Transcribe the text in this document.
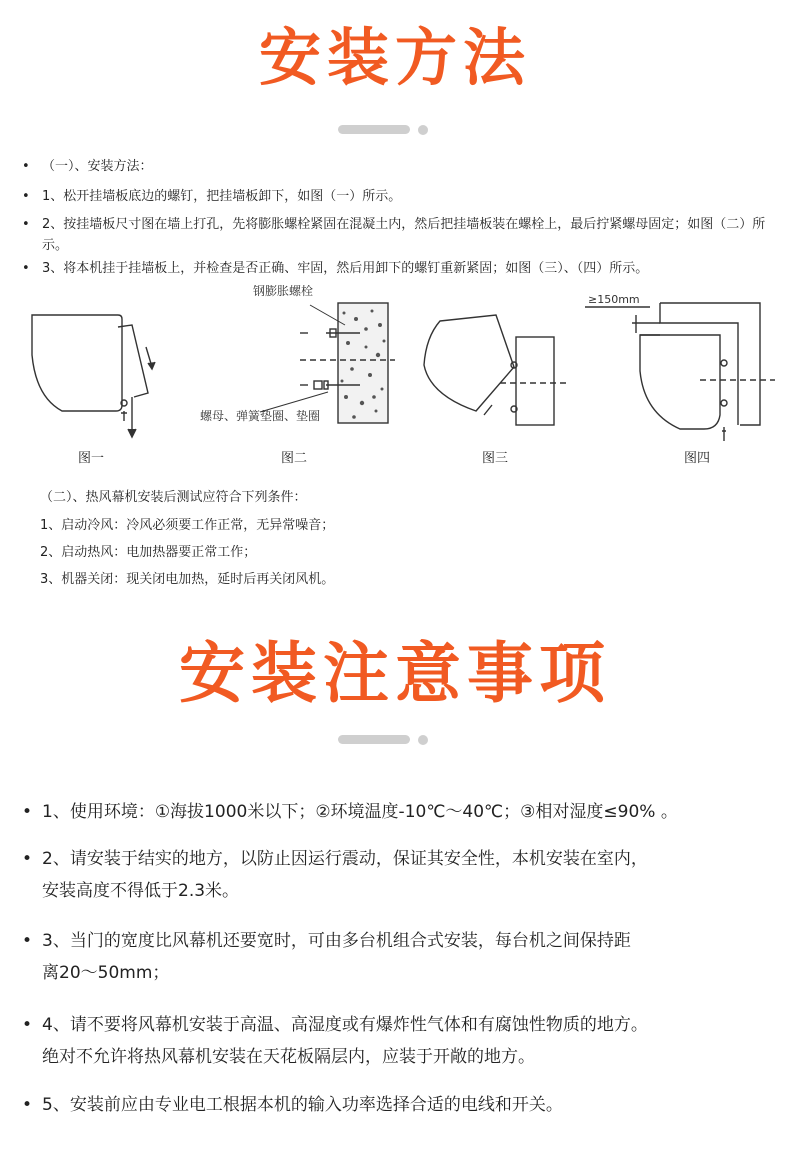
安装方法
• （一）、安装方法：
• 1、松开挂墙板底边的螺钉，把挂墙板卸下，如图（一）所示。
• 2、按挂墙板尺寸图在墙上打孔，先将膨胀螺栓紧固在混凝土内，然后把挂墙板装在螺栓上，最后拧紧螺母固定；如图（二）所示。
• 3、将本机挂于挂墙板上，并检查是否正确、牢固，然后用卸下的螺钉重新紧固；如图（三）、（四）所示。
钢膨胀螺栓
螺母、弹簧垫圈、垫圈
≥150mm
图一	图二	图三	图四
（二）、热风幕机安装后测试应符合下列条件：
1、启动冷风：冷风必须要工作正常，无异常噪音；
2、启动热风：电加热器要正常工作；
3、机器关闭：现关闭电加热，延时后再关闭风机。
安装注意事项
• 1、使用环境：①海拔1000米以下；②环境温度-10℃～40℃；③相对湿度≤90% 。
• 2、请安装于结实的地方，以防止因运行震动，保证其安全性，本机安装在室内，
安装高度不得低于2.3米。
• 3、当门的宽度比风幕机还要宽时，可由多台机组合式安装，每台机之间保持距
离20～50mm；
• 4、请不要将风幕机安装于高温、高湿度或有爆炸性气体和有腐蚀性物质的地方。
绝对不允许将热风幕机安装在天花板隔层内，应装于开敞的地方。
• 5、安装前应由专业电工根据本机的输入功率选择合适的电线和开关。
